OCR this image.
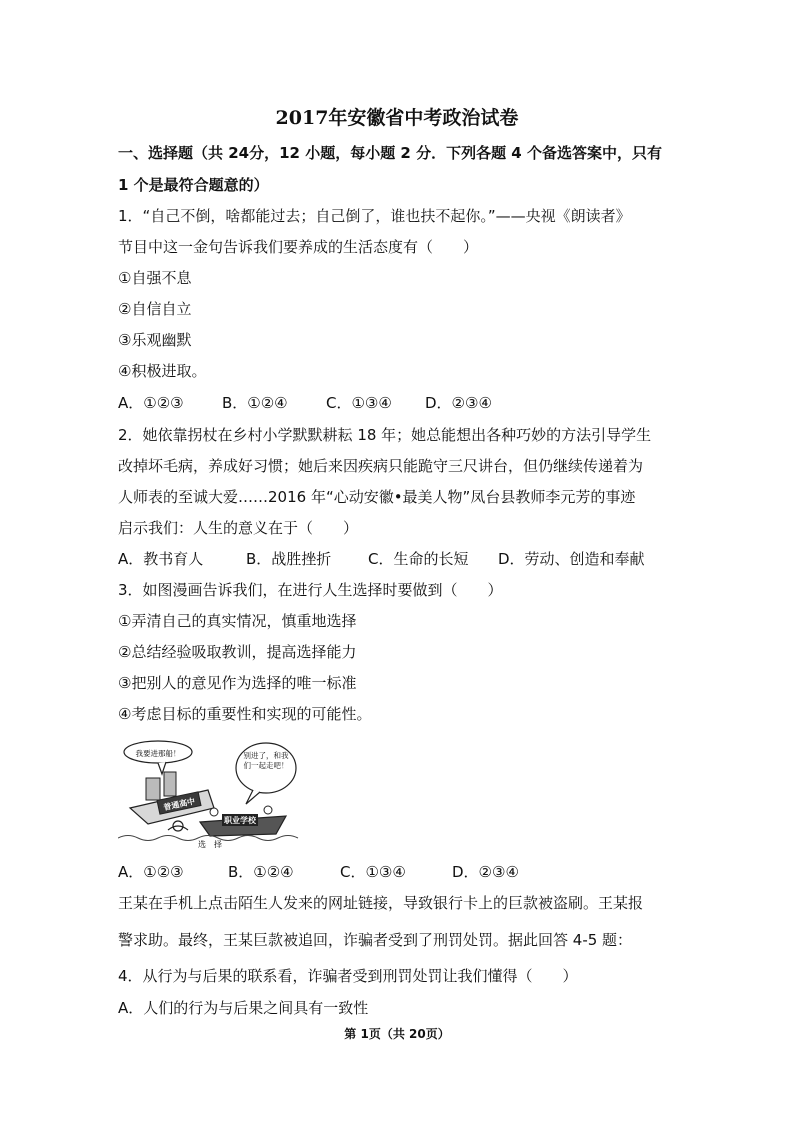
2017年安徽省中考政治试卷
一、选择题（共 24分，12 小题，每小题 2 分．下列各题 4 个备选答案中，只有
1 个是最符合题意的）
1．“自己不倒，啥都能过去；自己倒了，谁也扶不起你。”——央视《朗读者》
节目中这一金句告诉我们要养成的生活态度有（　　）
①自强不息
②自信自立
③乐观幽默
④积极进取。
A．①②③	B．①②④	C．①③④ D．②③④
2．她依靠拐杖在乡村小学默默耕耘 18 年；她总能想出各种巧妙的方法引导学生
改掉坏毛病，养成好习惯；她后来因疾病只能跪守三尺讲台，但仍继续传递着为
人师表的至诚大爱……2016 年“心动安徽•最美人物”凤台县教师李元芳的事迹
启示我们：人生的意义在于（　　）
A．教书育人	B．战胜挫折 C．生命的长短 D．劳动、创造和奉献
3．如图漫画告诉我们，在进行人生选择时要做到（　　）
①弄清自己的真实情况，慎重地选择
②总结经验吸取教训，提高选择能力
③把别人的意见作为选择的唯一标准
④考虑目标的重要性和实现的可能性。
我要进那船！	别进了，和我们一起走吧！
普通高中
职业学校
选　择
A．①②③	B．①②④	C．①③④	D．②③④
王某在手机上点击陌生人发来的网址链接，导致银行卡上的巨款被盗刷。王某报
警求助。最终，王某巨款被追回，诈骗者受到了刑罚处罚。据此回答 4-5 题：
4．从行为与后果的联系看，诈骗者受到刑罚处罚让我们懂得（　　）
A．人们的行为与后果之间具有一致性
第 1页（共 20页）
